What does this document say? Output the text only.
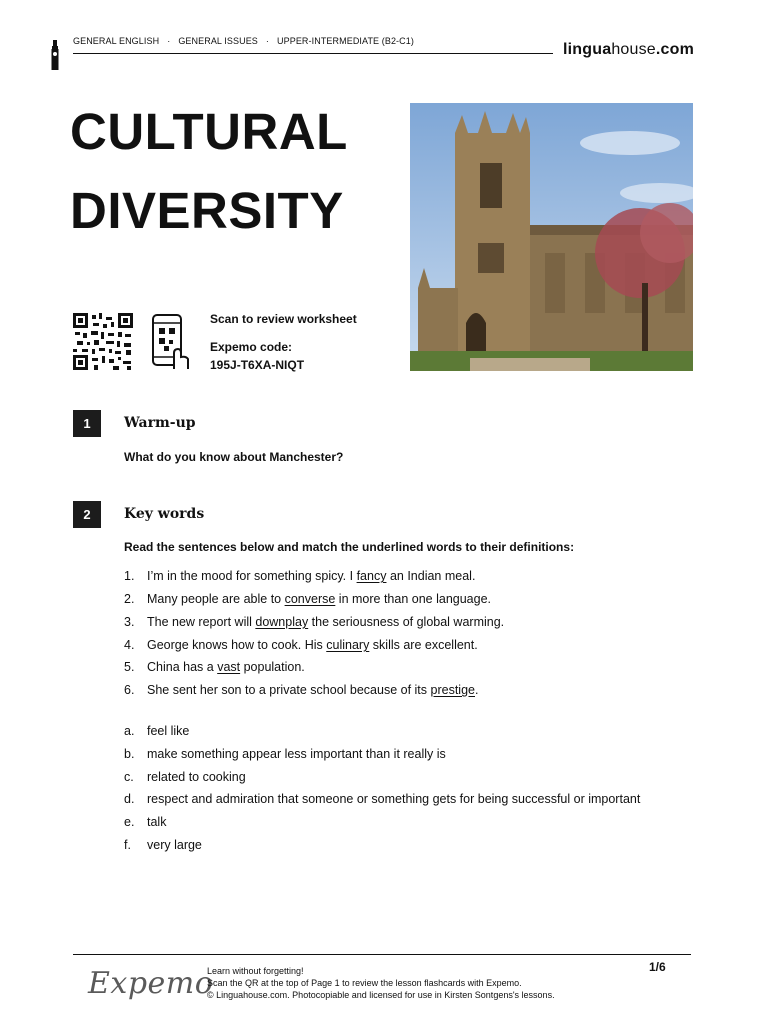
GENERAL ENGLISH · GENERAL ISSUES · UPPER-INTERMEDIATE (B2-C1)	linguahouse.com
CULTURAL
DIVERSITY
Scan to review worksheet
Expemo code:
195J-T6XA-NIQT
1	Warm-up
What do you know about Manchester?
2	Key words
Read the sentences below and match the underlined words to their definitions:
1.	I’m in the mood for something spicy. I fancy an Indian meal.
2.	Many people are able to converse in more than one language.
3.	The new report will downplay the seriousness of global warming.
4.	George knows how to cook. His culinary skills are excellent.
5.	China has a vast population.
6.	She sent her son to a private school because of its prestige.
a.	feel like
b.	make something appear less important than it really is
c.	related to cooking
d.	respect and admiration that someone or something gets for being successful or important
e.	talk
f.	very large
Expemo
Learn without forgetting!
Scan the QR at the top of Page 1 to review the lesson flashcards with Expemo.
© Linguahouse.com. Photocopiable and licensed for use in Kirsten Sontgens's lessons.
1/6
